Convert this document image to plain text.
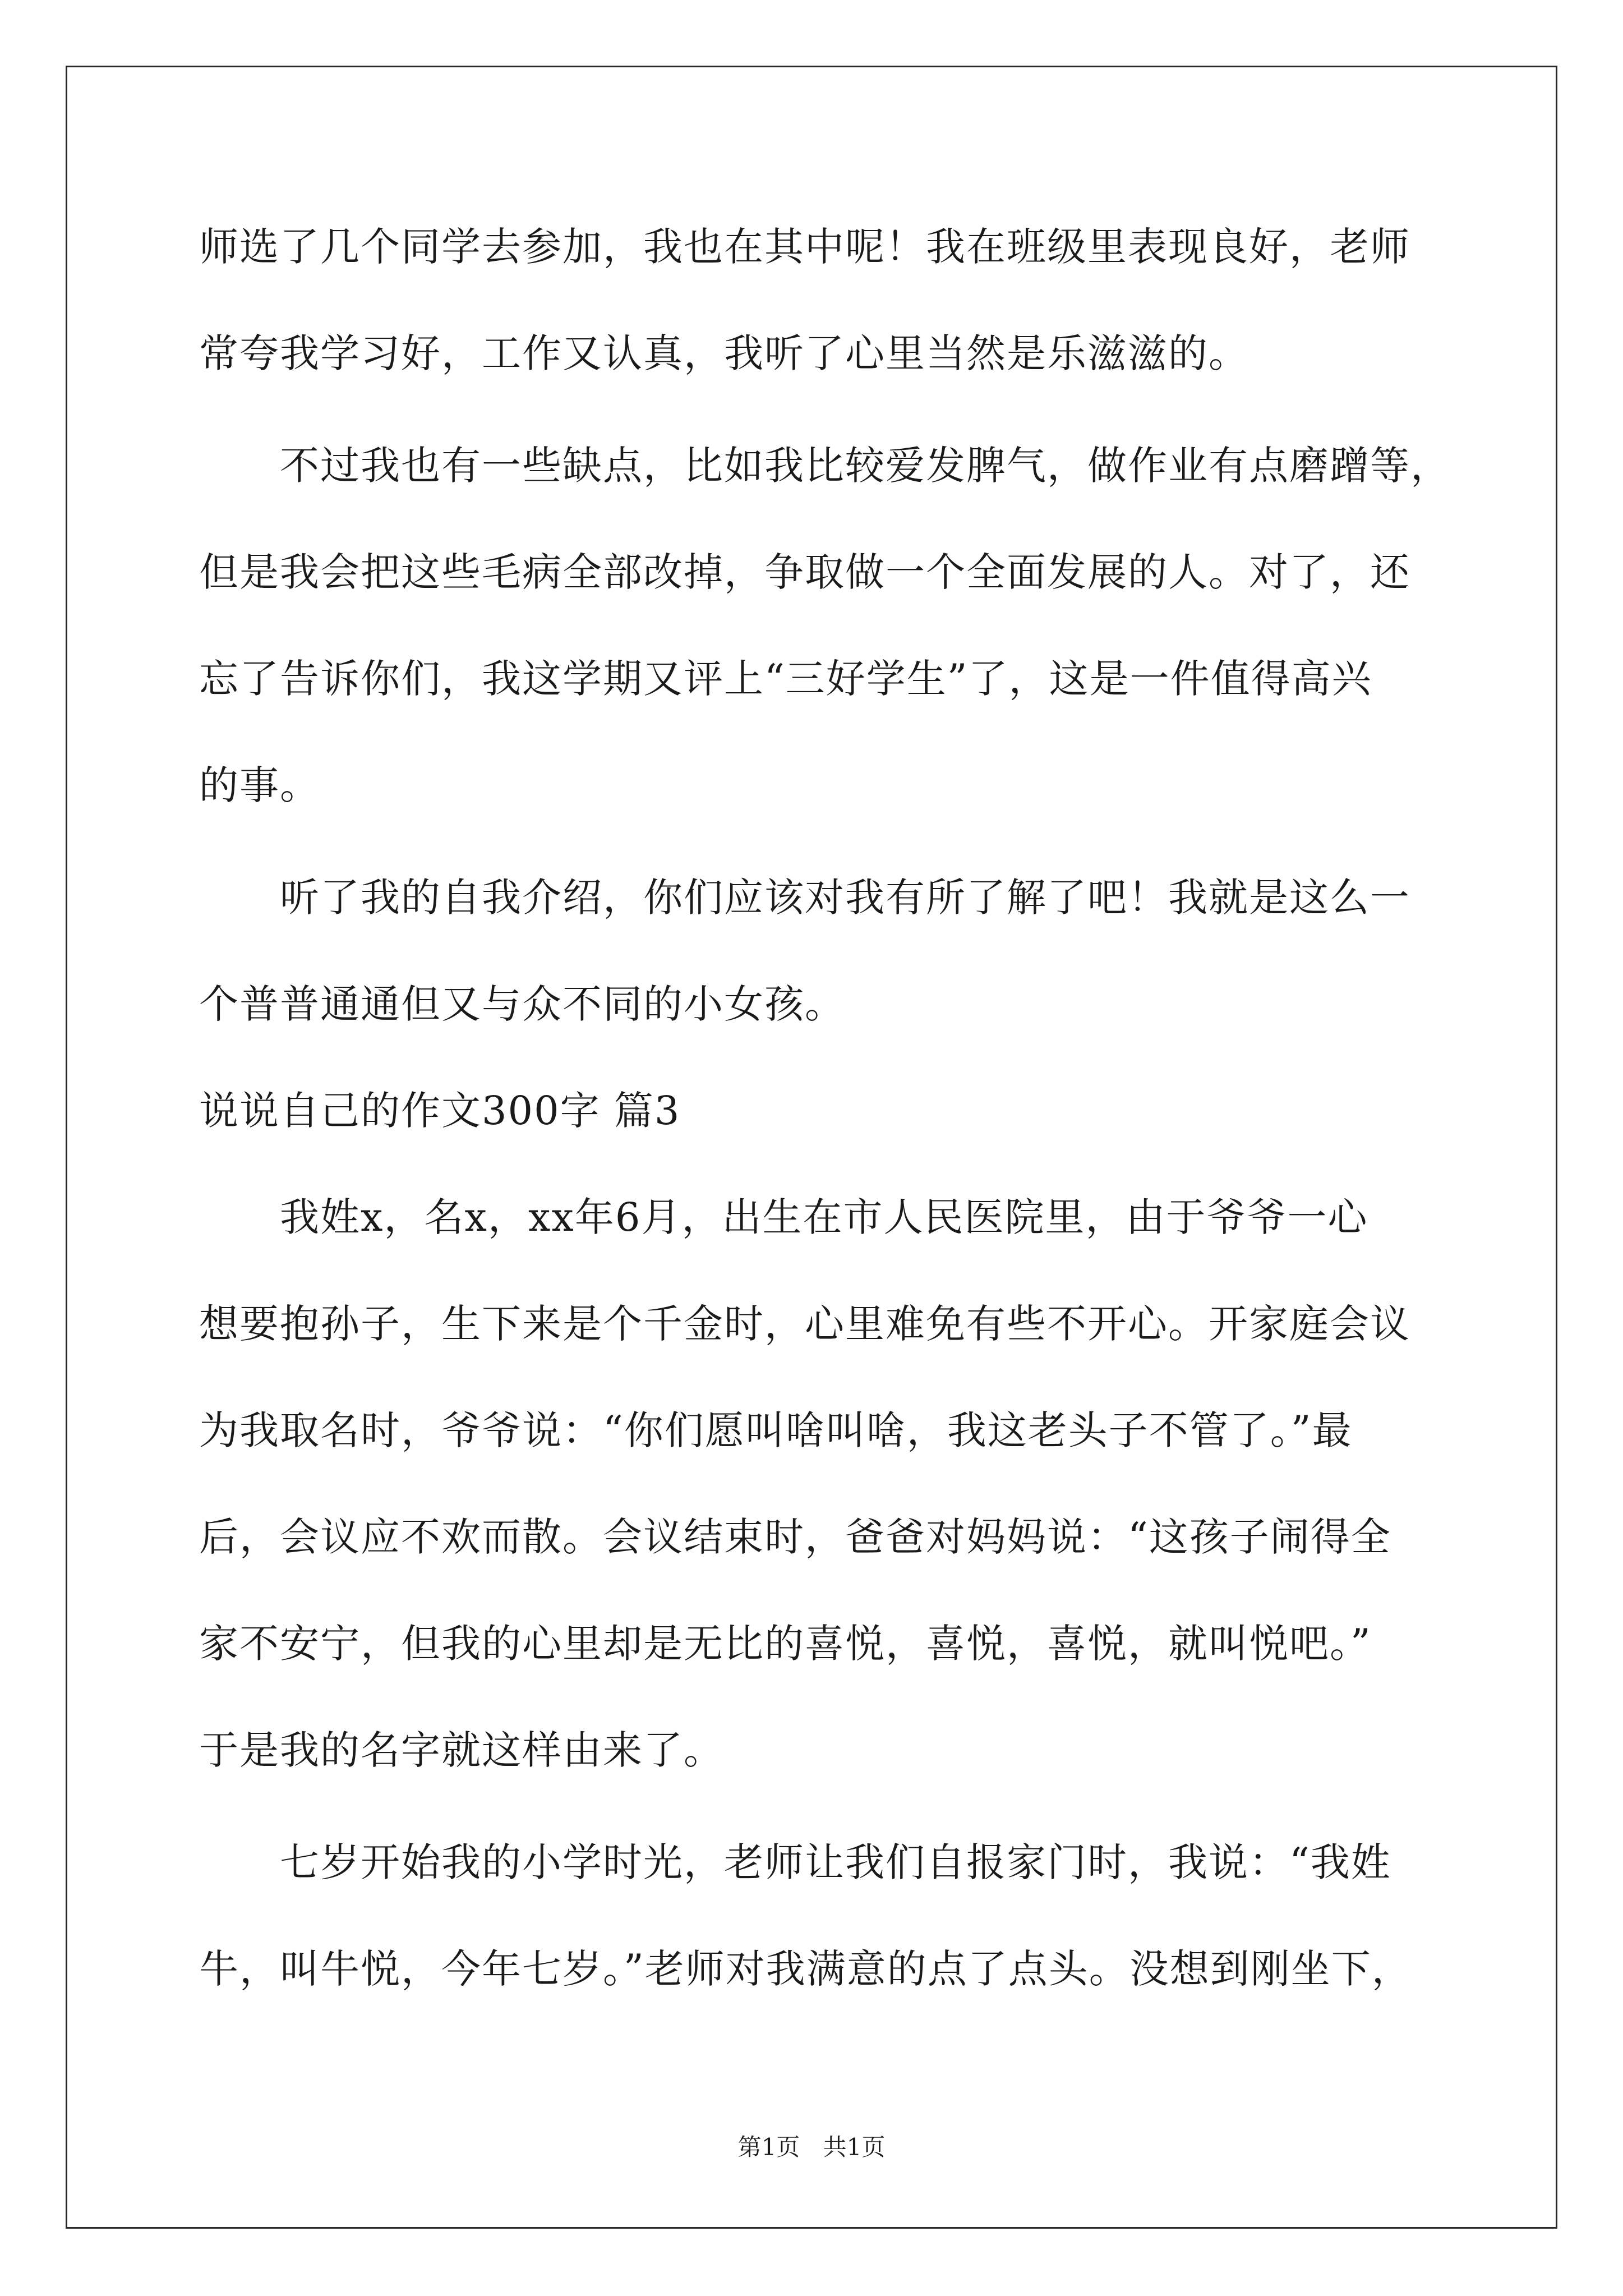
师选了几个同学去参加，我也在其中呢！我在班级里表现良好，老师
常夸我学习好，工作又认真，我听了心里当然是乐滋滋的。
　　不过我也有一些缺点，比如我比较爱发脾气，做作业有点磨蹭等，
但是我会把这些毛病全部改掉，争取做一个全面发展的人。对了，还
忘了告诉你们，我这学期又评上“三好学生”了，这是一件值得高兴
的事。
　　听了我的自我介绍，你们应该对我有所了解了吧！我就是这么一
个普普通通但又与众不同的小女孩。
说说自己的作文300字 篇3
　　我姓x，名x，xx年6月，出生在市人民医院里，由于爷爷一心
想要抱孙子，生下来是个千金时，心里难免有些不开心。开家庭会议
为我取名时，爷爷说：“你们愿叫啥叫啥，我这老头子不管了。”最
后，会议应不欢而散。会议结束时，爸爸对妈妈说：“这孩子闹得全
家不安宁，但我的心里却是无比的喜悦，喜悦，喜悦，就叫悦吧。”
于是我的名字就这样由来了。
　　七岁开始我的小学时光，老师让我们自报家门时，我说：“我姓
牛，叫牛悦，今年七岁。”老师对我满意的点了点头。没想到刚坐下，
第1页 共1页
